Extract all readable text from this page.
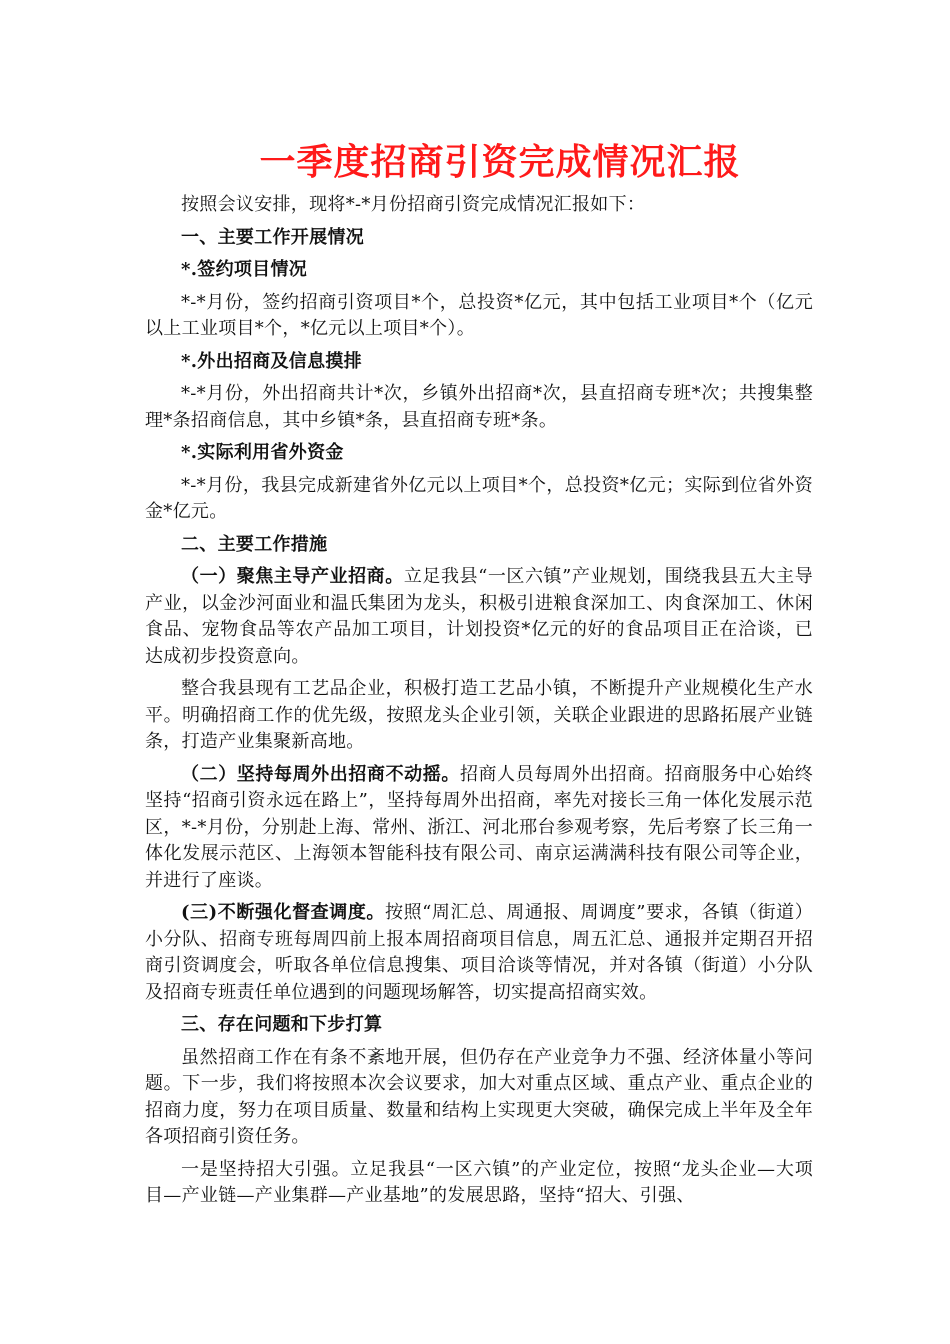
一季度招商引资完成情况汇报

按照会议安排，现将*-*月份招商引资完成情况汇报如下：

一、主要工作开展情况

*.签约项目情况

*-*月份，签约招商引资项目*个，总投资*亿元，其中包括工业项目*个（亿元以上工业项目*个，*亿元以上项目*个）。

*.外出招商及信息摸排

*-*月份，外出招商共计*次，乡镇外出招商*次，县直招商专班*次；共搜集整理*条招商信息，其中乡镇*条，县直招商专班*条。

*.实际利用省外资金

*-*月份，我县完成新建省外亿元以上项目*个，总投资*亿元；实际到位省外资金*亿元。

二、主要工作措施

（一）聚焦主导产业招商。立足我县“一区六镇”产业规划，围绕我县五大主导产业，以金沙河面业和温氏集团为龙头，积极引进粮食深加工、肉食深加工、休闲食品、宠物食品等农产品加工项目，计划投资*亿元的好的食品项目正在洽谈，已达成初步投资意向。

整合我县现有工艺品企业，积极打造工艺品小镇，不断提升产业规模化生产水平。明确招商工作的优先级，按照龙头企业引领，关联企业跟进的思路拓展产业链条，打造产业集聚新高地。

（二）坚持每周外出招商不动摇。招商人员每周外出招商。招商服务中心始终坚持“招商引资永远在路上”，坚持每周外出招商，率先对接长三角一体化发展示范区，*-*月份，分别赴上海、常州、浙江、河北邢台参观考察，先后考察了长三角一体化发展示范区、上海领本智能科技有限公司、南京运满满科技有限公司等企业，并进行了座谈。

(三)不断强化督查调度。按照“周汇总、周通报、周调度”要求，各镇（街道）小分队、招商专班每周四前上报本周招商项目信息，周五汇总、通报并定期召开招商引资调度会，听取各单位信息搜集、项目洽谈等情况，并对各镇（街道）小分队及招商专班责任单位遇到的问题现场解答，切实提高招商实效。

三、存在问题和下步打算

虽然招商工作在有条不紊地开展，但仍存在产业竞争力不强、经济体量小等问题。下一步，我们将按照本次会议要求，加大对重点区域、重点产业、重点企业的招商力度，努力在项目质量、数量和结构上实现更大突破，确保完成上半年及全年各项招商引资任务。

一是坚持招大引强。立足我县“一区六镇”的产业定位，按照“龙头企业—大项目—产业链—产业集群—产业基地”的发展思路，坚持“招大、引强、
